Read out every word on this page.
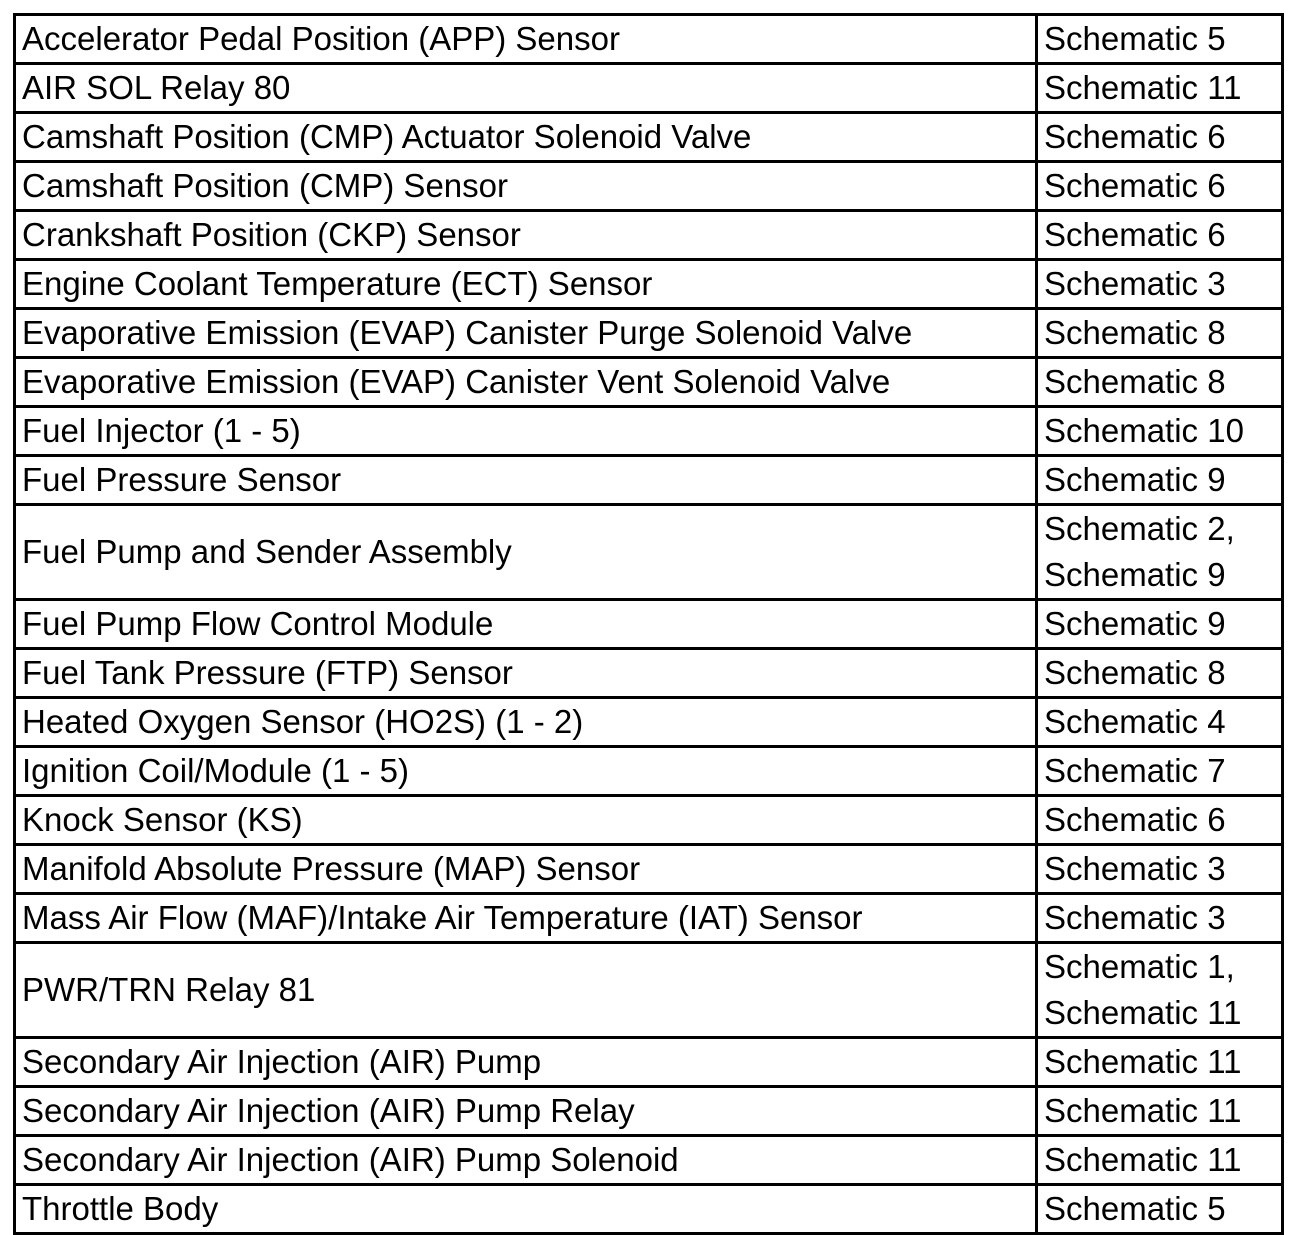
Accelerator Pedal Position (APP) Sensor	Schematic 5

AIR SOL Relay 80	Schematic 11

Camshaft Position (CMP) Actuator Solenoid Valve	Schematic 6

Camshaft Position (CMP) Sensor	Schematic 6

Crankshaft Position (CKP) Sensor	Schematic 6

Engine Coolant Temperature (ECT) Sensor	Schematic 3

Evaporative Emission (EVAP) Canister Purge Solenoid Valve	Schematic 8

Evaporative Emission (EVAP) Canister Vent Solenoid Valve	Schematic 8

Fuel Injector (1 - 5)	Schematic 10

Fuel Pressure Sensor	Schematic 9

Fuel Pump and Sender Assembly	Schematic 2,
Schematic 9

Fuel Pump Flow Control Module	Schematic 9

Fuel Tank Pressure (FTP) Sensor	Schematic 8

Heated Oxygen Sensor (HO2S) (1 - 2)	Schematic 4

Ignition Coil/Module (1 - 5)	Schematic 7

Knock Sensor (KS)	Schematic 6

Manifold Absolute Pressure (MAP) Sensor	Schematic 3

Mass Air Flow (MAF)/Intake Air Temperature (IAT) Sensor	Schematic 3

PWR/TRN Relay 81	Schematic 1,
Schematic 11

Secondary Air Injection (AIR) Pump	Schematic 11

Secondary Air Injection (AIR) Pump Relay	Schematic 11

Secondary Air Injection (AIR) Pump Solenoid	Schematic 11

Throttle Body	Schematic 5
